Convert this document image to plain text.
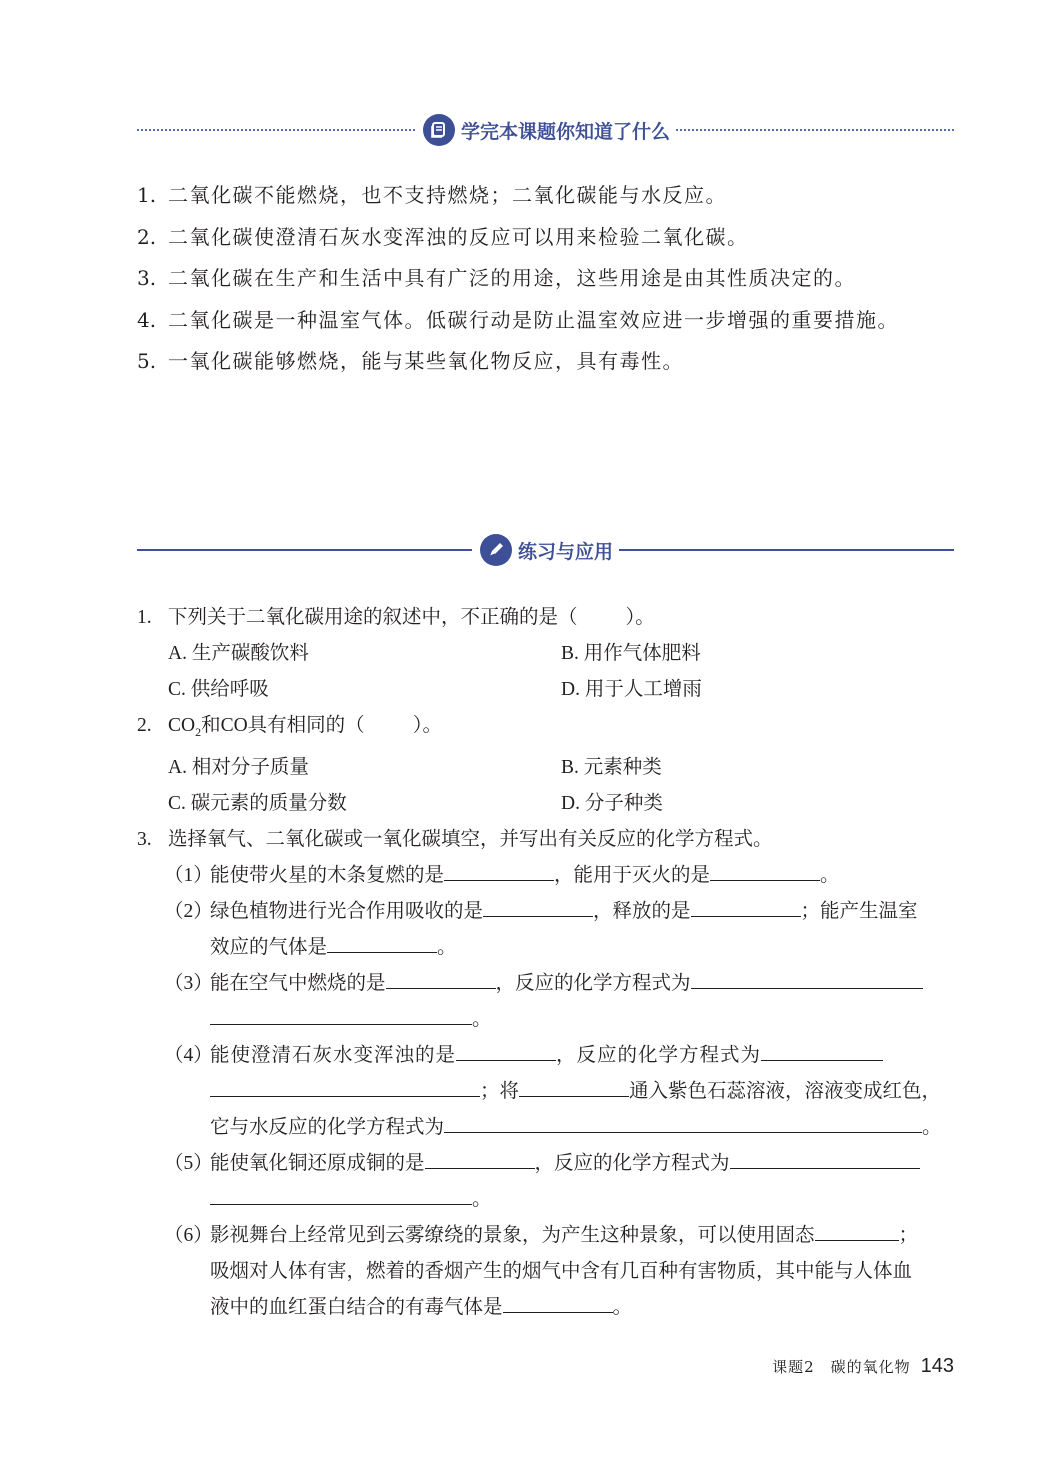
学完本课题你知道了什么
1. 二氧化碳不能燃烧，也不支持燃烧；二氧化碳能与水反应。
2. 二氧化碳使澄清石灰水变浑浊的反应可以用来检验二氧化碳。
3. 二氧化碳在生产和生活中具有广泛的用途，这些用途是由其性质决定的。
4. 二氧化碳是一种温室气体。低碳行动是防止温室效应进一步增强的重要措施。
5. 一氧化碳能够燃烧，能与某些氧化物反应，具有毒性。
练习与应用
1. 下列关于二氧化碳用途的叙述中，不正确的是（ ）。
A. 生产碳酸饮料	B. 用作气体肥料
C. 供给呼吸	D. 用于人工增雨
2. $CO_2$和CO具有相同的（ ）。
A. 相对分子质量	B. 元素种类
C. 碳元素的质量分数	D. 分子种类
3. 选择氧气、二氧化碳或一氧化碳填空，并写出有关反应的化学方程式。
（1）
能使带火星的木条复燃的是	，能用于灭火的是	。
（2）
绿色植物进行光合作用吸收的是	，释放的是	；能产生温室
效应的气体是	。
（3）
能在空气中燃烧的是	，反应的化学方程式为
。
（4）
能使澄清石灰水变浑浊的是	，反应的化学方程式为
；将	通入紫色石蕊溶液，溶液变成红色，
它与水反应的化学方程式为	。
（5）
能使氧化铜还原成铜的是	，反应的化学方程式为
。
（6）
影视舞台上经常见到云雾缭绕的景象，为产生这种景象，可以使用固态	；
吸烟对人体有害，燃着的香烟产生的烟气中含有几百种有害物质，其中能与人体血
液中的血红蛋白结合的有毒气体是	。
课题2　碳的氧化物 143
